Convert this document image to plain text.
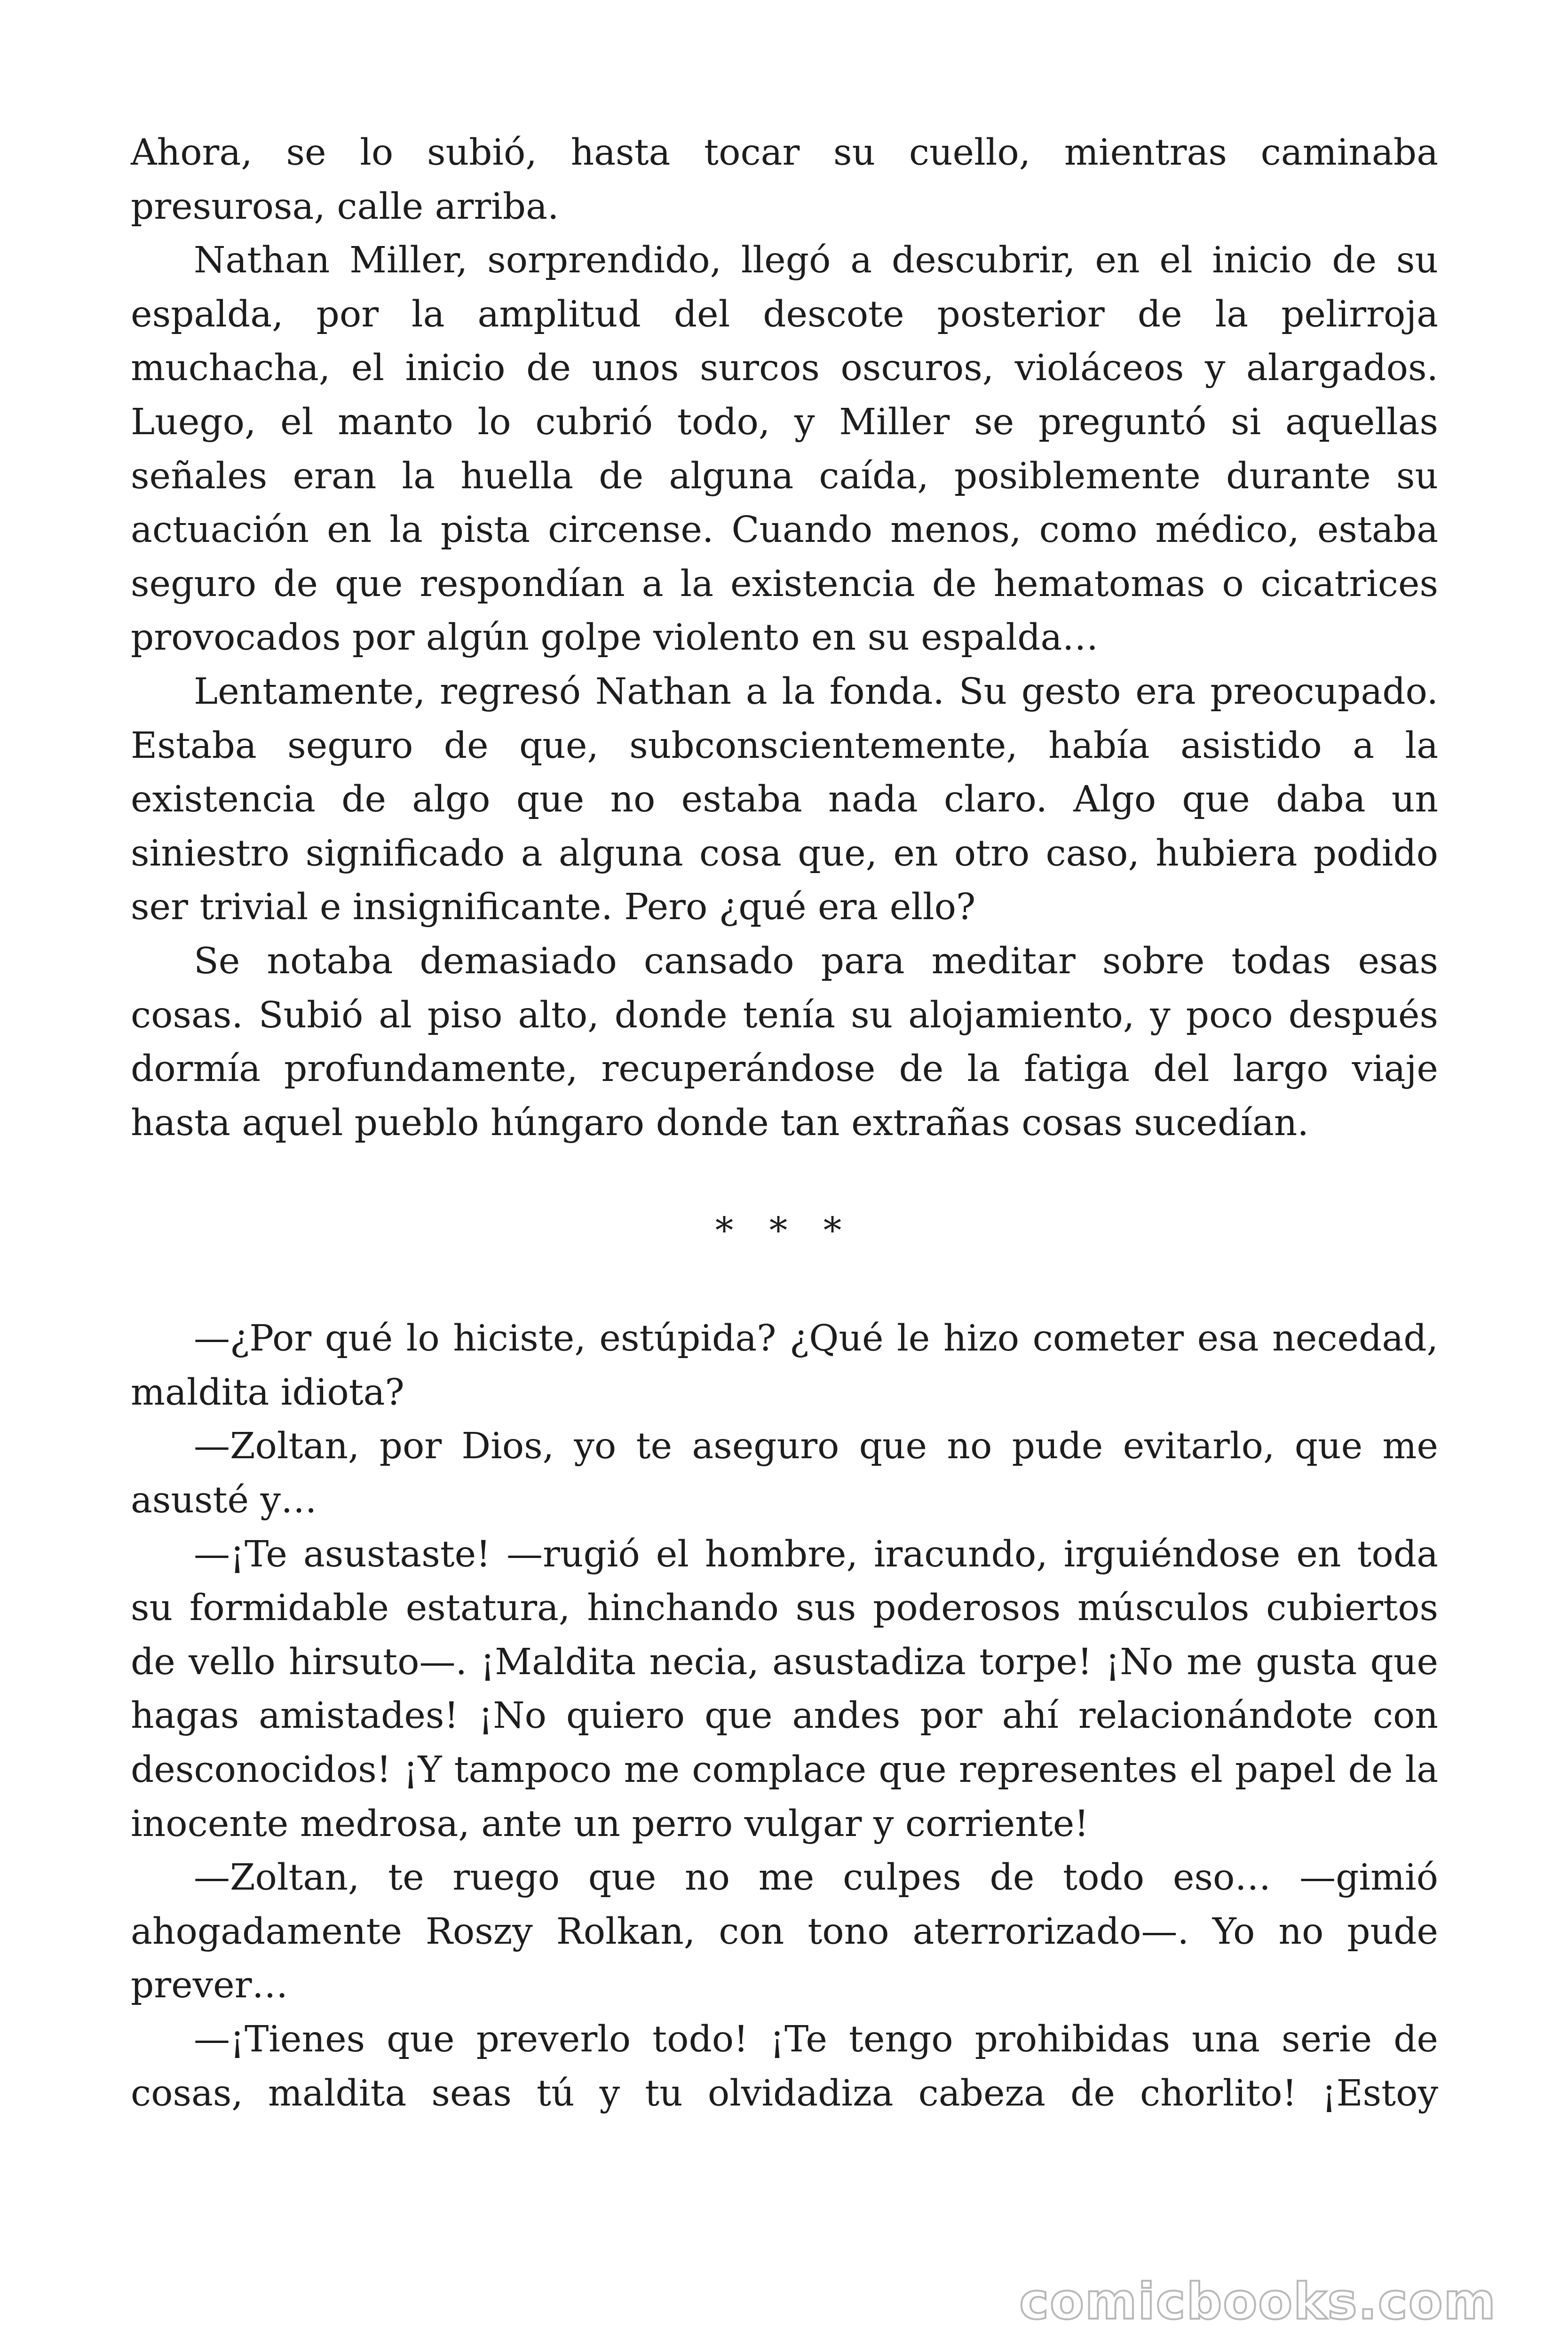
Ahora, se lo subió, hasta tocar su cuello, mientras caminaba presurosa, calle arriba.

Nathan Miller, sorprendido, llegó a descubrir, en el inicio de su espalda, por la amplitud del descote posterior de la pelirroja muchacha, el inicio de unos surcos oscuros, violáceos y alargados. Luego, el manto lo cubrió todo, y Miller se preguntó si aquellas señales eran la huella de alguna caída, posiblemente durante su actuación en la pista circense. Cuando menos, como médico, estaba seguro de que respondían a la existencia de hematomas o cicatrices provocados por algún golpe violento en su espalda…

Lentamente, regresó Nathan a la fonda. Su gesto era preocupado. Estaba seguro de que, subconscientemente, había asistido a la existencia de algo que no estaba nada claro. Algo que daba un siniestro significado a alguna cosa que, en otro caso, hubiera podido ser trivial e insignificante. Pero ¿qué era ello?

Se notaba demasiado cansado para meditar sobre todas esas cosas. Subió al piso alto, donde tenía su alojamiento, y poco después dormía profundamente, recuperándose de la fatiga del largo viaje hasta aquel pueblo húngaro donde tan extrañas cosas sucedían.

* * *

—¿Por qué lo hiciste, estúpida? ¿Qué le hizo cometer esa necedad, maldita idiota?

—Zoltan, por Dios, yo te aseguro que no pude evitarlo, que me asusté y…

—¡Te asustaste! —rugió el hombre, iracundo, irguiéndose en toda su formidable estatura, hinchando sus poderosos músculos cubiertos de vello hirsuto—. ¡Maldita necia, asustadiza torpe! ¡No me gusta que hagas amistades! ¡No quiero que andes por ahí relacionándote con desconocidos! ¡Y tampoco me complace que representes el papel de la inocente medrosa, ante un perro vulgar y corriente!

—Zoltan, te ruego que no me culpes de todo eso… —gimió ahogadamente Roszy Rolkan, con tono aterrorizado—. Yo no pude prever…

—¡Tienes que preverlo todo! ¡Te tengo prohibidas una serie de cosas, maldita seas tú y tu olvidadiza cabeza de chorlito! ¡Estoy

comicbooks.com
